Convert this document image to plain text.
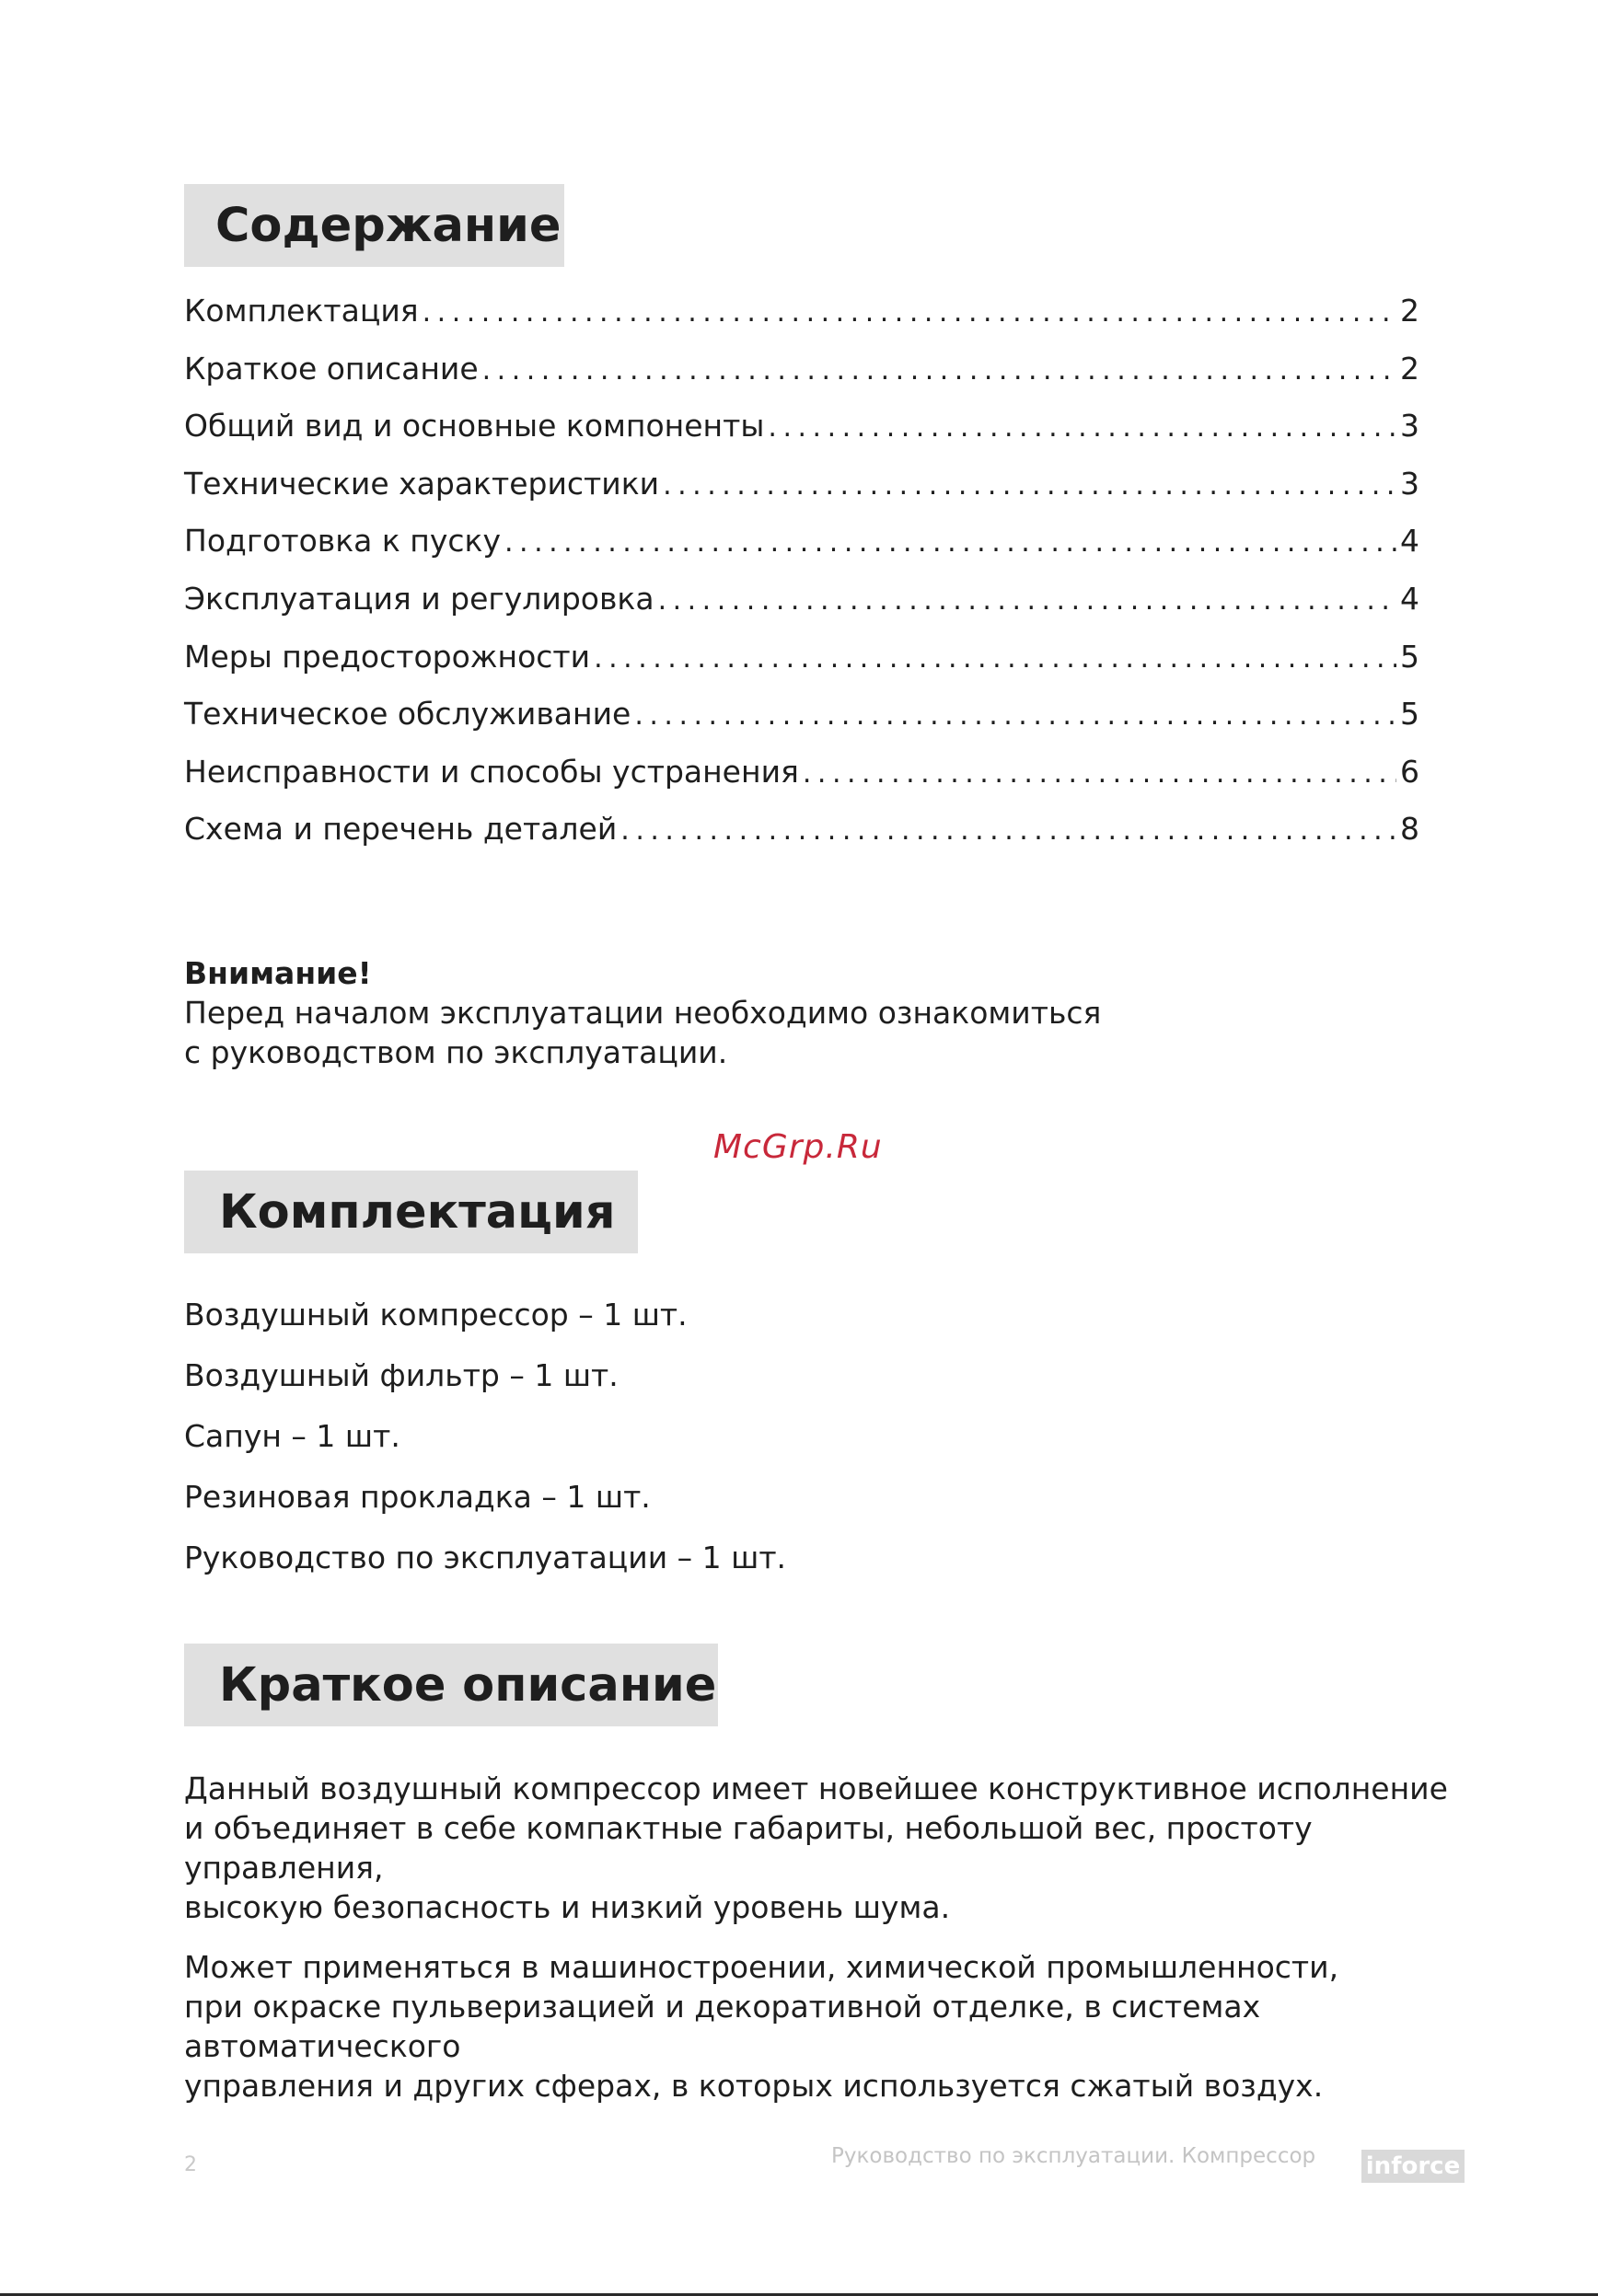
Содержание
Комплектация .....	2
Краткое описание .....	2
Общий вид и основные компоненты .....	3
Технические характеристики .....	3
Подготовка к пуску .....	4
Эксплуатация и регулировка .....	4
Меры предосторожности .....	5
Техническое обслуживание .....	5
Неисправности и способы устранения .....	6
Схема и перечень деталей .....	8
Внимание!
Перед началом эксплуатации необходимо ознакомиться
с руководством по эксплуатации.
McGrp.Ru
Комплектация
Воздушный компрессор – 1 шт.
Воздушный фильтр – 1 шт.
Сапун – 1 шт.
Резиновая прокладка – 1 шт.
Руководство по эксплуатации – 1 шт.
Краткое описание

Данный воздушный компрессор имеет новейшее конструктивное исполнение
и объединяет в себе компактные габариты, небольшой вес, простоту управления,
высокую безопасность и низкий уровень шума.

Может применяться в машиностроении, химической промышленности,
при окраске пульверизацией и декоративной отделке, в системах автоматического
управления и других сферах, в которых используется сжатый воздух.

2	Руководство по эксплуатации. Компрессор inforce
